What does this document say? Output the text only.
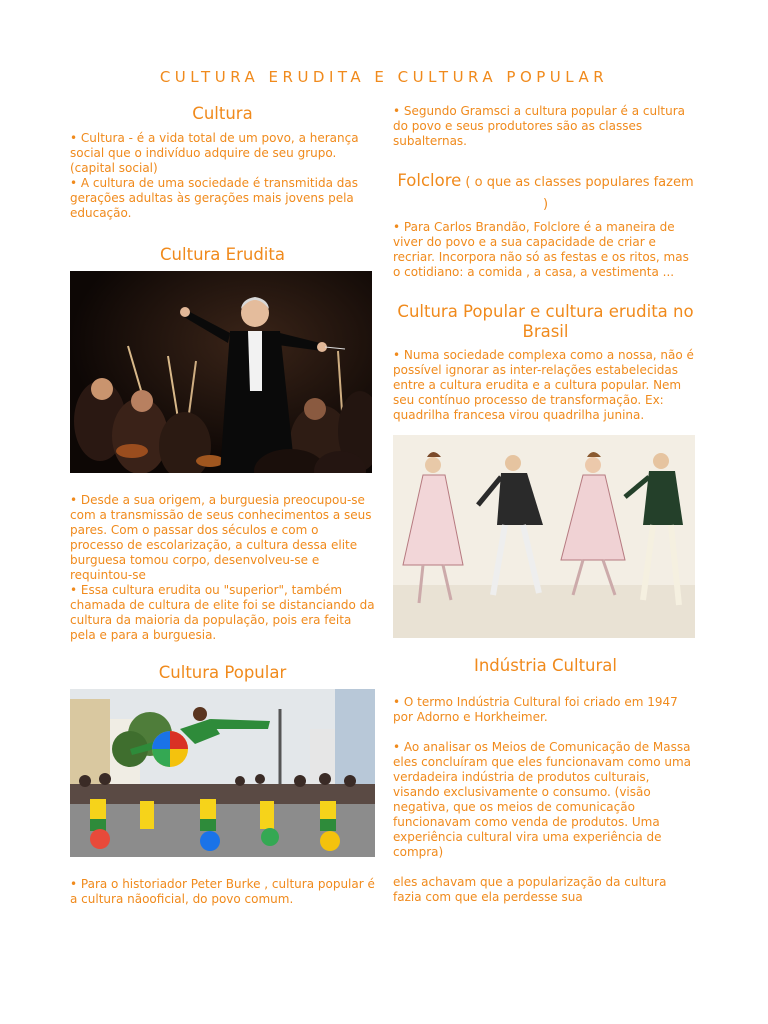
CULTURA ERUDITA E CULTURA POPULAR
Cultura

• Cultura - é a vida total de um povo, a herança social que o indivíduo adquire de seu grupo. (capital social)

• A cultura de uma sociedade é transmitida das gerações adultas às gerações mais jovens pela educação.

Cultura Erudita

• Desde a sua origem, a burguesia preocupou-se com a transmissão de seus conhecimentos a seus pares. Com o passar dos séculos e com o processo de escolarização, a cultura dessa elite burguesa tomou corpo, desenvolveu-se e requintou-se

• Essa cultura erudita ou "superior", também chamada de cultura de elite foi se distanciando da cultura da maioria da população, pois era feita pela e para a burguesia.

Cultura Popular

• Para o historiador Peter Burke , cultura popular é a cultura nãooficial, do povo comum.

• Segundo Gramsci a cultura popular é a cultura do povo e seus produtores são as classes subalternas.

Folclore ( o que as classes populares fazem )

• Para Carlos Brandão, Folclore é a maneira de viver do povo e a sua capacidade de criar e recriar. Incorpora não só as festas e os ritos, mas o cotidiano: a comida , a casa, a vestimenta ...

Cultura Popular e cultura erudita no Brasil

• Numa sociedade complexa como a nossa, não é possível ignorar as inter-relações estabelecidas entre a cultura erudita e a cultura popular. Nem seu contínuo processo de transformação. Ex: quadrilha francesa virou quadrilha junina.

Indústria Cultural

• O termo Indústria Cultural foi criado em 1947 por Adorno e Horkheimer.

• Ao analisar os Meios de Comunicação de Massa eles concluíram que eles funcionavam como uma verdadeira indústria de produtos culturais, visando exclusivamente o consumo. (visão negativa, que os meios de comunicação funcionavam como venda de produtos. Uma experiência cultural vira uma experiência de compra)

eles achavam que a popularização da cultura fazia com que ela perdesse sua
